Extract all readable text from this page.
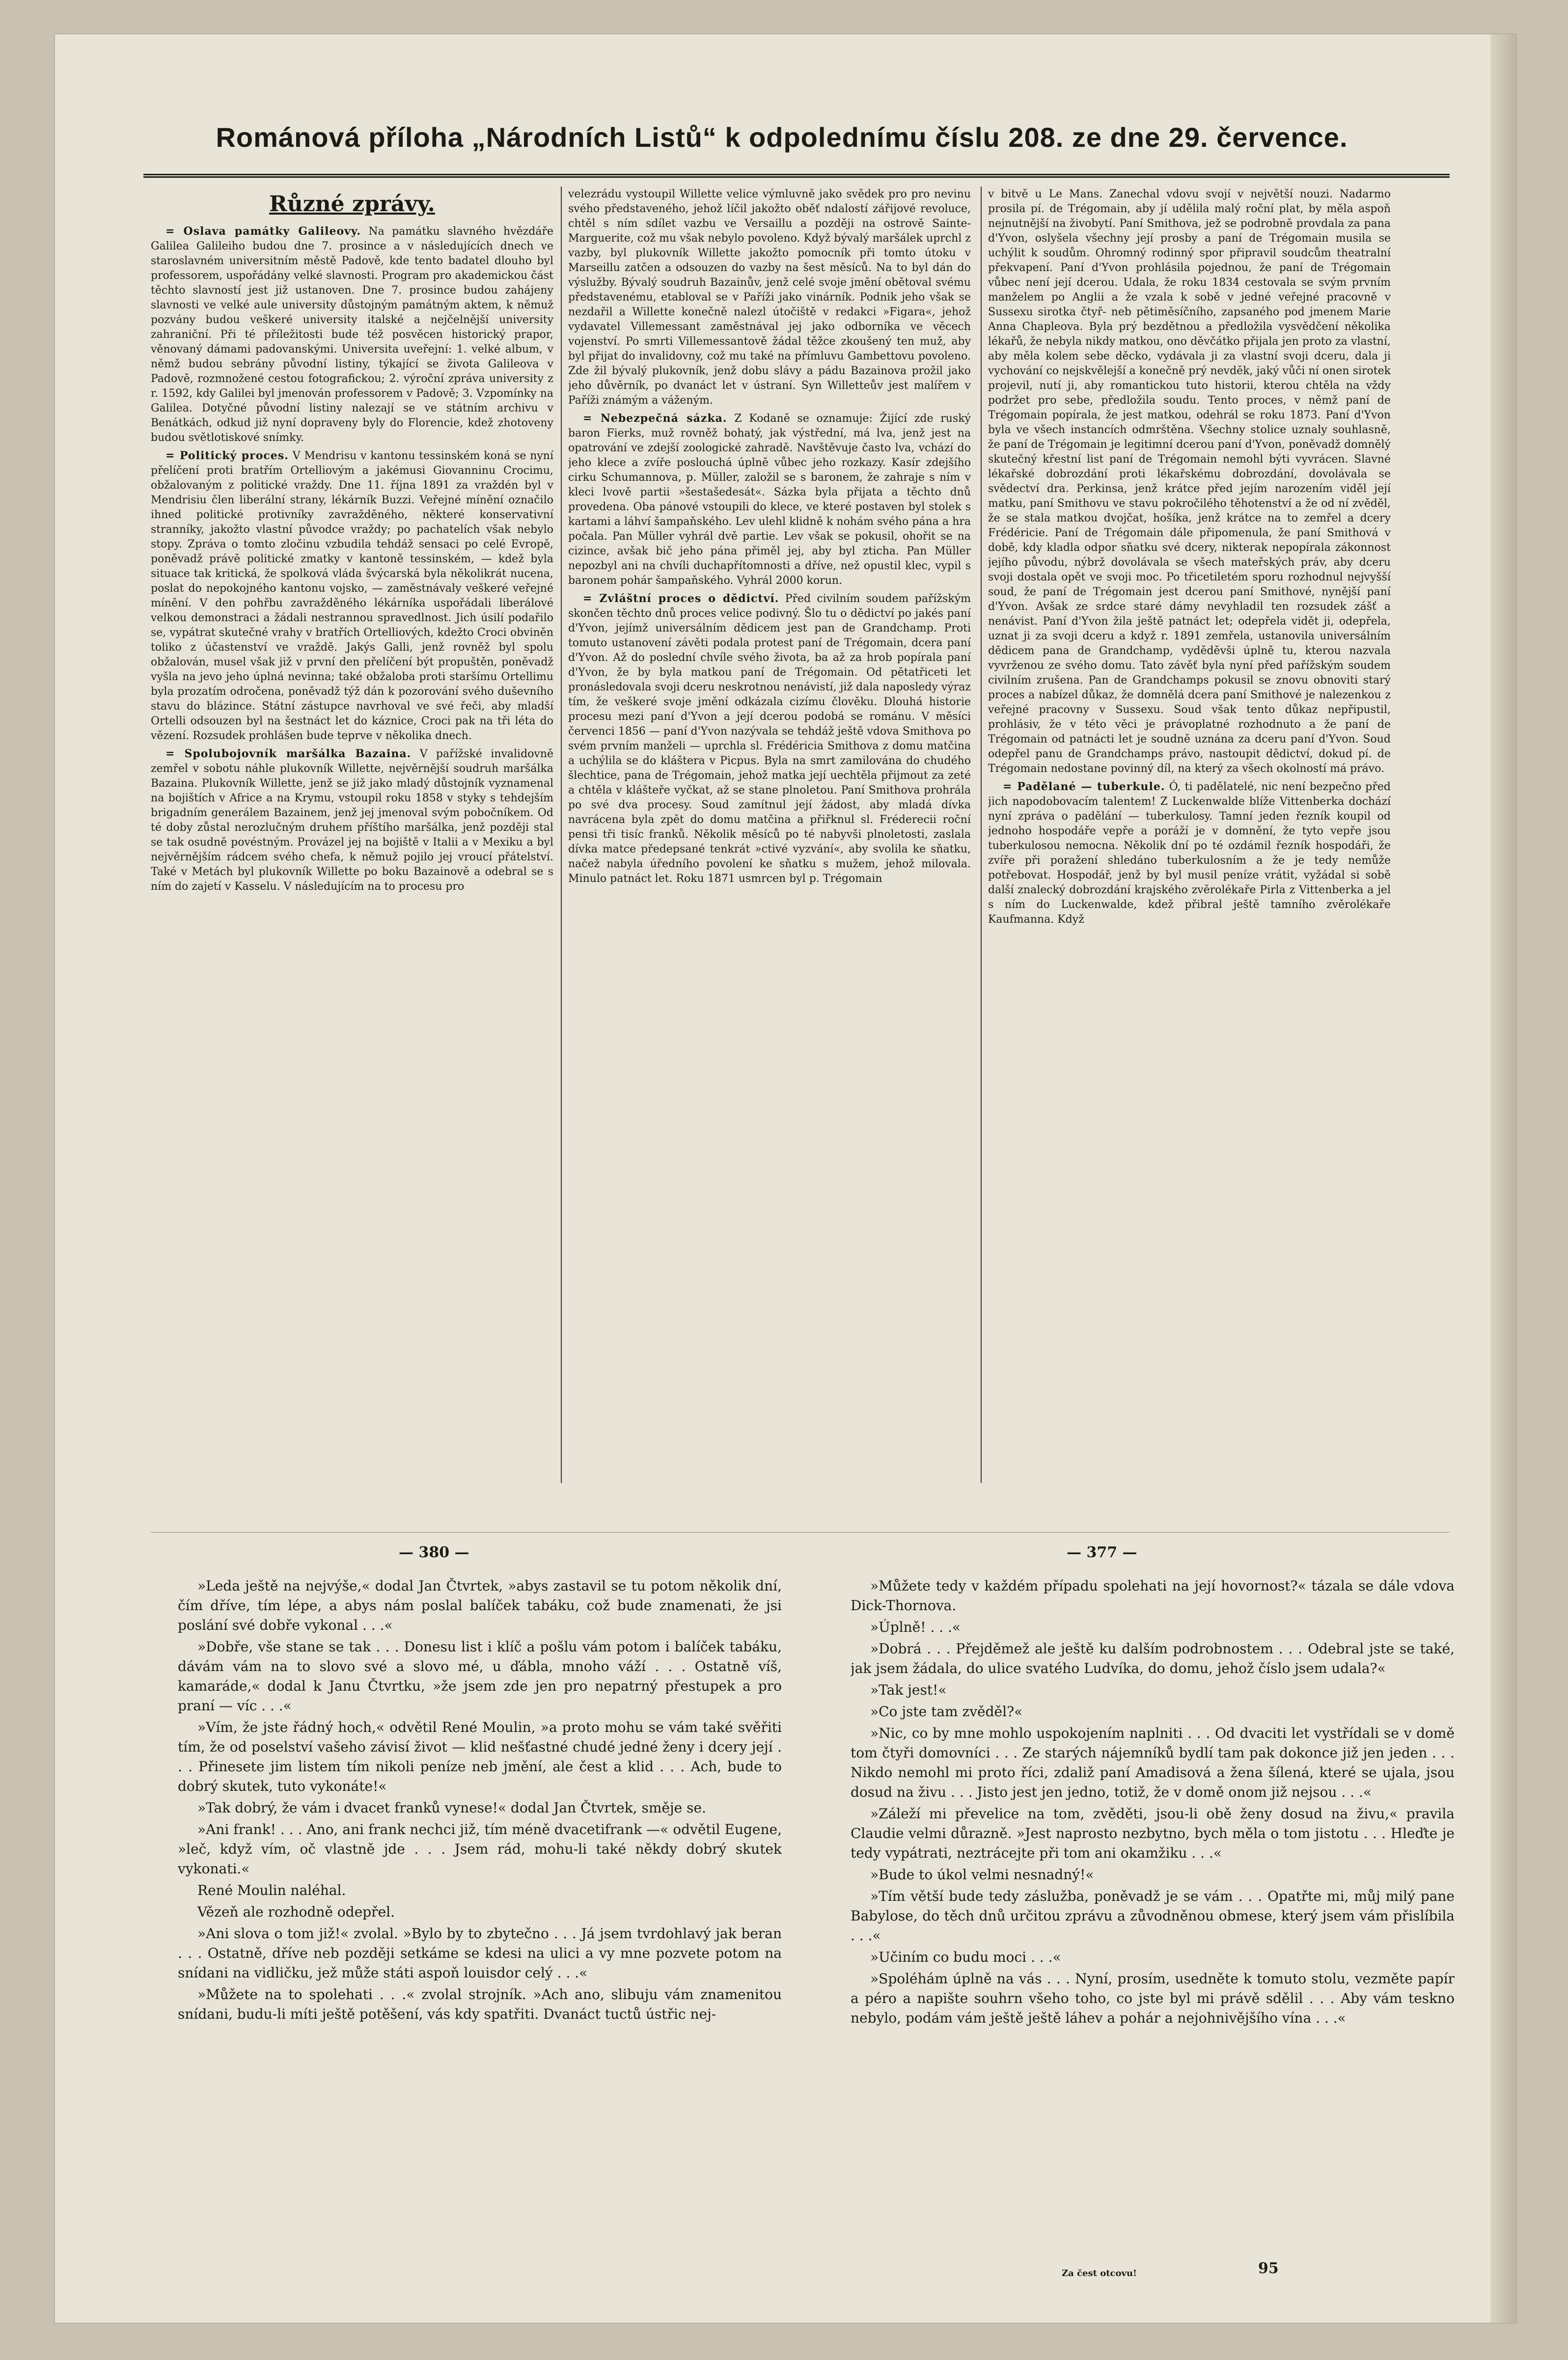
Románová příloha „Národních Listů“ k odpolednímu číslu 208. ze dne 29. července.
Různé zprávy.

= Oslava památky Galileovy. Na památku slavného hvězdáře Galilea Galileiho budou dne 7. prosince a v následujících dnech ve staroslavném universitním městě Padově, kde tento badatel dlouho byl professorem, uspořádány velké slavnosti. Program pro akademickou část těchto slavností jest již ustanoven. Dne 7. prosince budou zahájeny slavnosti ve velké aule university důstojným památným aktem, k němuž pozvány budou veškeré university italské a nejčelnější university zahraniční. Při té příležitosti bude též posvěcen historický prapor, věnovaný dámami padovanskými. Universita uveřejní: 1. velké album, v němž budou sebrány původní listiny, týkající se života Galileova v Padově, rozmnožené cestou fotografickou; 2. výroční zpráva university z r. 1592, kdy Galilei byl jmenován professorem v Padově; 3. Vzpomínky na Galilea. Dotyčné původní listiny nalezají se ve státním archivu v Benátkách, odkud již nyní dopraveny byly do Florencie, kdež zhotoveny budou světlotiskové snímky.

= Politický proces. V Mendrisu v kantonu tessinském koná se nyní přelíčení proti bratřím Ortelliovým a jakémusi Giovanninu Crocimu, obžalovaným z politické vraždy. Dne 11. října 1891 za vraždén byl v Mendrisiu člen liberální strany, lékárník Buzzi. Veřejné mínění označilo ihned politické protivníky zavražděného, některé konservativní stranníky, jakožto vlastní původce vraždy; po pachatelích však nebylo stopy. Zpráva o tomto zločinu vzbudila tehdáž sensaci po celé Evropě, poněvadž právě politické zmatky v kantoně tessinském, — kdež byla situace tak kritická, že spolková vláda švýcarská byla několikrát nucena, poslat do nepokojného kantonu vojsko, — zaměstnávaly veškeré veřejné mínění. V den pohřbu zavražděného lékárníka uspořádali liberálové velkou demonstraci a žádali nestrannou spravedlnost. Jich úsilí podařilo se, vypátrat skutečné vrahy v bratřích Ortelliových, kdežto Croci obviněn toliko z účastenství ve vraždě. Jakýs Galli, jenž rovněž byl spolu obžalován, musel však již v první den přelíčení být propuštěn, poněvadž vyšla na jevo jeho úplná nevinna; také obžaloba proti staršímu Ortellimu byla prozatím odročena, poněvadž týž dán k pozorování svého duševního stavu do blázince. Státní zástupce navrhoval ve své řeči, aby mladší Ortelli odsouzen byl na šestnáct let do káznice, Croci pak na tři léta do vězení. Rozsudek prohlášen bude teprve v několika dnech.

= Spolubojovník maršálka Bazaina. V pařížské invalidovně zemřel v sobotu náhle plukovník Willette, nejvěrnější soudruh maršálka Bazaina. Plukovník Willette, jenž se již jako mladý důstojník vyznamenal na bojištích v Africe a na Krymu, vstoupil roku 1858 v styky s tehdejším brigadním generálem Bazainem, jenž jej jmenoval svým pobočníkem. Od té doby zůstal nerozlučným druhem příštího maršálka, jenž později stal se tak osudně povéstným. Provázel jej na bojiště v Italii a v Mexiku a byl nejvěrnějším rádcem svého chefa, k němuž pojilo jej vroucí přátelství. Také v Metách byl plukovník Willette po boku Bazainově a odebral se s ním do zajetí v Kasselu. V následujícím na to procesu pro

velezrádu vystoupil Willette velice výmluvně jako svědek pro pro nevinu svého představeného, jehož líčil jakožto oběť ndalostí zářijové revoluce, chtěl s ním sdílet vazbu ve Versaillu a později na ostrově Sainte-Marguerite, což mu však nebylo povoleno. Když bývalý maršálek uprchl z vazby, byl plukovník Willette jakožto pomocník při tomto útoku v Marseillu zatčen a odsouzen do vazby na šest měsíců. Na to byl dán do výslužby. Bývalý soudruh Bazainův, jenž celé svoje jmění obětoval svému představenému, etabloval se v Paříži jako vinárník. Podnik jeho však se nezdařil a Willette konečně nalezl útočiště v redakci »Figara«, jehož vydavatel Villemessant zaměstnával jej jako odborníka ve věcech vojenství. Po smrti Villemessantově žádal těžce zkoušený ten muž, aby byl přijat do invalidovny, což mu také na přímluvu Gambettovu povoleno. Zde žil bývalý plukovník, jenž dobu slávy a pádu Bazainova prožil jako jeho důvěrník, po dvanáct let v ústraní. Syn Willetteův jest malířem v Paříži známým a váženým.

= Nebezpečná sázka. Z Kodaně se oznamuje: Žijící zde ruský baron Fierks, muž rovněž bohatý, jak výstřední, má lva, jenž jest na opatrování ve zdejší zoologické zahradě. Navštěvuje často lva, vchází do jeho klece a zvíře poslouchá úplně vůbec jeho rozkazy. Kasír zdejšího cirku Schumannova, p. Müller, založil se s baronem, že zahraje s ním v kleci lvově partii »šestašedesát«. Sázka byla přijata a těchto dnů provedena. Oba pánové vstoupili do klece, ve které postaven byl stolek s kartami a láhví šampaňského. Lev ulehl klidně k nohám svého pána a hra počala. Pan Müller vyhrál dvě partie. Lev však se pokusil, ohořit se na cizince, avšak bič jeho pána přiměl jej, aby byl zticha. Pan Müller nepozbyl ani na chvíli duchapřítomnosti a dříve, než opustil klec, vypil s baronem pohár šampaňského. Vyhrál 2000 korun.

= Zvláštní proces o dědictví. Před civilním soudem pařížským skončen těchto dnů proces velice podivný. Šlo tu o dědictví po jakés paní d'Yvon, jejímž universálním dědicem jest pan de Grandchamp. Proti tomuto ustanovení závěti podala protest paní de Trégomain, dcera paní d'Yvon. Až do poslední chvíle svého života, ba až za hrob popírala paní d'Yvon, že by byla matkou paní de Trégomain. Od pětatřiceti let pronásledovala svoji dceru neskrotnou nenávistí, již dala naposledy výraz tím, že veškeré svoje jmění odkázala cizímu člověku. Dlouhá historie procesu mezi paní d'Yvon a její dcerou podobá se románu. V měsíci červenci 1856 — paní d'Yvon nazývala se tehdáž ještě vdova Smithova po svém prvním manželi — uprchla sl. Frédéricia Smithova z domu matčina a uchýlila se do kláštera v Picpus. Byla na smrt zamilována do chudého šlechtice, pana de Trégomain, jehož matka její uechtěla přijmout za zeté a chtěla v klášteře vyčkat, až se stane plnoletou. Paní Smithova prohrála po své dva procesy. Soud zamítnul její žádost, aby mladá dívka navrácena byla zpět do domu matčina a přiřknul sl. Fréderecii roční pensi tři tisíc franků. Několik měsíců po té nabyvši plnoletosti, zaslala dívka matce předepsané tenkrát »ctivé vyzvání«, aby svolila ke sňatku, načež nabyla úředního povolení ke sňatku s mužem, jehož milovala. Minulo patnáct let. Roku 1871 usmrcen byl p. Trégomain

v bitvě u Le Mans. Zanechal vdovu svojí v největší nouzi. Nadarmo prosila pí. de Trégomain, aby jí udělila malý roční plat, by měla aspoň nejnutnější na živobytí. Paní Smithova, jež se podrobně provdala za pana d'Yvon, oslyšela všechny její prosby a paní de Trégomain musila se uchýlit k soudům. Ohromný rodinný spor připravil soudcům theatralní překvapení. Paní d'Yvon prohlásila pojednou, že paní de Trégomain vůbec není její dcerou. Udala, že roku 1834 cestovala se svým prvním manželem po Anglii a že vzala k sobě v jedné veřejné pracovně v Sussexu sirotka čtyř- neb pětiměsíčního, zapsaného pod jmenem Marie Anna Chapleova. Byla prý bezdětnou a předložila vysvědčení několika lékařů, že nebyla nikdy matkou, ono děvčátko přijala jen proto za vlastní, aby měla kolem sebe děcko, vydávala ji za vlastní svoji dceru, dala ji vychování co nejskvělejší a konečně prý nevděk, jaký vůči ní onen sirotek projevil, nutí ji, aby romantickou tuto historii, kterou chtěla na vždy podržet pro sebe, předložila soudu. Tento proces, v němž paní de Trégomain popírala, že jest matkou, odehrál se roku 1873. Paní d'Yvon byla ve všech instancích odmrštěna. Všechny stolice uznaly souhlasně, že paní de Trégomain je legitimní dcerou paní d'Yvon, poněvadž domnělý skutečný křestní list paní de Trégomain nemohl býti vyvrácen. Slavné lékařské dobrozdání proti lékařskému dobrozdání, dovolávala se svědectví dra. Perkinsa, jenž krátce před jejím narozením viděl její matku, paní Smithovu ve stavu pokročilého těhotenství a že od ní zvěděl, že se stala matkou dvojčat, hošíka, jenž krátce na to zemřel a dcery Frédéricie. Paní de Trégomain dále připomenula, že paní Smithová v době, kdy kladla odpor sňatku své dcery, nikterak nepopírala zákonnost jejího původu, nýbrž dovolávala se všech mateřských práv, aby dceru svoji dostala opět ve svoji moc. Po třicetiletém sporu rozhodnul nejvyšší soud, že paní de Trégomain jest dcerou paní Smithové, nynější paní d'Yvon. Avšak ze srdce staré dámy nevyhladil ten rozsudek zášť a nenávist. Paní d'Yvon žila ještě patnáct let; odepřela vidět ji, odepřela, uznat ji za svoji dceru a když r. 1891 zemřela, ustanovila universálním dědicem pana de Grandchamp, vyděděvši úplně tu, kterou nazvala vyvrženou ze svého domu. Tato závěť byla nyní před pařížským soudem civilním zrušena. Pan de Grandchamps pokusil se znovu obnoviti starý proces a nabízel důkaz, že domnělá dcera paní Smithové je nalezenkou z veřejné pracovny v Sussexu. Soud však tento důkaz nepřipustil, prohlásiv, že v této věci je právoplatné rozhodnuto a že paní de Trégomain od patnácti let je soudně uznána za dceru paní d'Yvon. Soud odepřel panu de Grandchamps právo, nastoupit dědictví, dokud pí. de Trégomain nedostane povinný díl, na který za všech okolností má právo.

= Padělané — tuberkule. Ó, ti padělatelé, nic není bezpečno před jich napodobovacím talentem! Z Luckenwalde blíže Vittenberka dochází nyní zpráva o padělání — tuberkulosy. Tamní jeden řezník koupil od jednoho hospodáře vepře a poráží je v domnění, že tyto vepře jsou tuberkulosou nemocna. Několik dní po té ozdámil řezník hospodáři, že zvíře při poražení shledáno tuberkulosním a že je tedy nemůže potřebovat. Hospodář, jenž by byl musil peníze vrátit, vyžádal si sobě další znalecký dobrozdání krajského zvěrolékaře Pirla z Vittenberka a jel s ním do Luckenwalde, kdež přibral ještě tamního zvěrolékaře Kaufmanna. Když

— 380 —	— 377 —

»Leda ještě na nejvýše,« dodal Jan Čtvrtek, »abys zastavil se tu potom několik dní, čím dříve, tím lépe, a abys nám poslal balíček tabáku, což bude znamenati, že jsi poslání své dobře vykonal . . .«

»Dobře, vše stane se tak . . . Donesu list i klíč a pošlu vám potom i balíček tabáku, dávám vám na to slovo své a slovo mé, u ďábla, mnoho váží . . . Ostatně víš, kamaráde,« dodal k Janu Čtvrtku, »že jsem zde jen pro nepatrný přestupek a pro praní — víc . . .«

»Vím, že jste řádný hoch,« odvětil René Moulin, »a proto mohu se vám také svěřiti tím, že od poselství vašeho závisí život — klid nešťastné chudé jedné ženy i dcery její . . . Přinesete jim listem tím nikoli peníze neb jmění, ale čest a klid . . . Ach, bude to dobrý skutek, tuto vykonáte!«

»Tak dobrý, že vám i dvacet franků vynese!« dodal Jan Čtvrtek, směje se.

»Ani frank! . . . Ano, ani frank nechci již, tím méně dvacetifrank —« odvětil Eugene, »leč, když vím, oč vlastně jde . . . Jsem rád, mohu-li také někdy dobrý skutek vykonati.«

René Moulin naléhal.

Vězeň ale rozhodně odepřel.

»Ani slova o tom již!« zvolal. »Bylo by to zbytečno . . . Já jsem tvrdohlavý jak beran . . . Ostatně, dříve neb později setkáme se kdesi na ulici a vy mne pozvete potom na snídani na vidličku, jež může státi aspoň louisdor celý . . .«

»Můžete na to spolehati . . .« zvolal strojník. »Ach ano, slibuju vám znamenitou snídani, budu-li míti ještě potěšení, vás kdy spatřiti. Dvanáct tuctů ústřic nej-

»Můžete tedy v každém případu spolehati na její hovornost?« tázala se dále vdova Dick-Thornova.

»Úplně! . . .«

»Dobrá . . . Přejděmež ale ještě ku dalším podrobnostem . . . Odebral jste se také, jak jsem žádala, do ulice svatého Ludvíka, do domu, jehož číslo jsem udala?«

»Tak jest!«

»Co jste tam zvěděl?«

»Nic, co by mne mohlo uspokojením naplniti . . . Od dvaciti let vystřídali se v domě tom čtyři domovníci . . . Ze starých nájemníků bydlí tam pak dokonce již jen jeden . . . Nikdo nemohl mi proto říci, zdaliž paní Amadisová a žena šílená, které se ujala, jsou dosud na živu . . . Jisto jest jen jedno, totiž, že v domě onom již nejsou . . .«

»Záleží mi převelice na tom, zvěděti, jsou-li obě ženy dosud na živu,« pravila Claudie velmi důrazně. »Jest naprosto nezbytno, bych měla o tom jistotu . . . Hleďte je tedy vypátrati, neztrácejte při tom ani okamžiku . . .«

»Bude to úkol velmi nesnadný!«

»Tím větší bude tedy záslužba, poněvadž je se vám . . . Opatřte mi, můj milý pane Babylose, do těch dnů určitou zprávu a zůvodněnou obmese, který jsem vám přislíbila . . .«

»Učiním co budu moci . . .«

»Spoléhám úplně na vás . . . Nyní, prosím, usedněte k tomuto stolu, vezměte papír a péro a napište souhrn všeho toho, co jste byl mi právě sdělil . . . Aby vám teskno nebylo, podám vám ještě ještě láhev a pohár a nejohnivějšího vína . . .«

Za čest otcovu!	95
